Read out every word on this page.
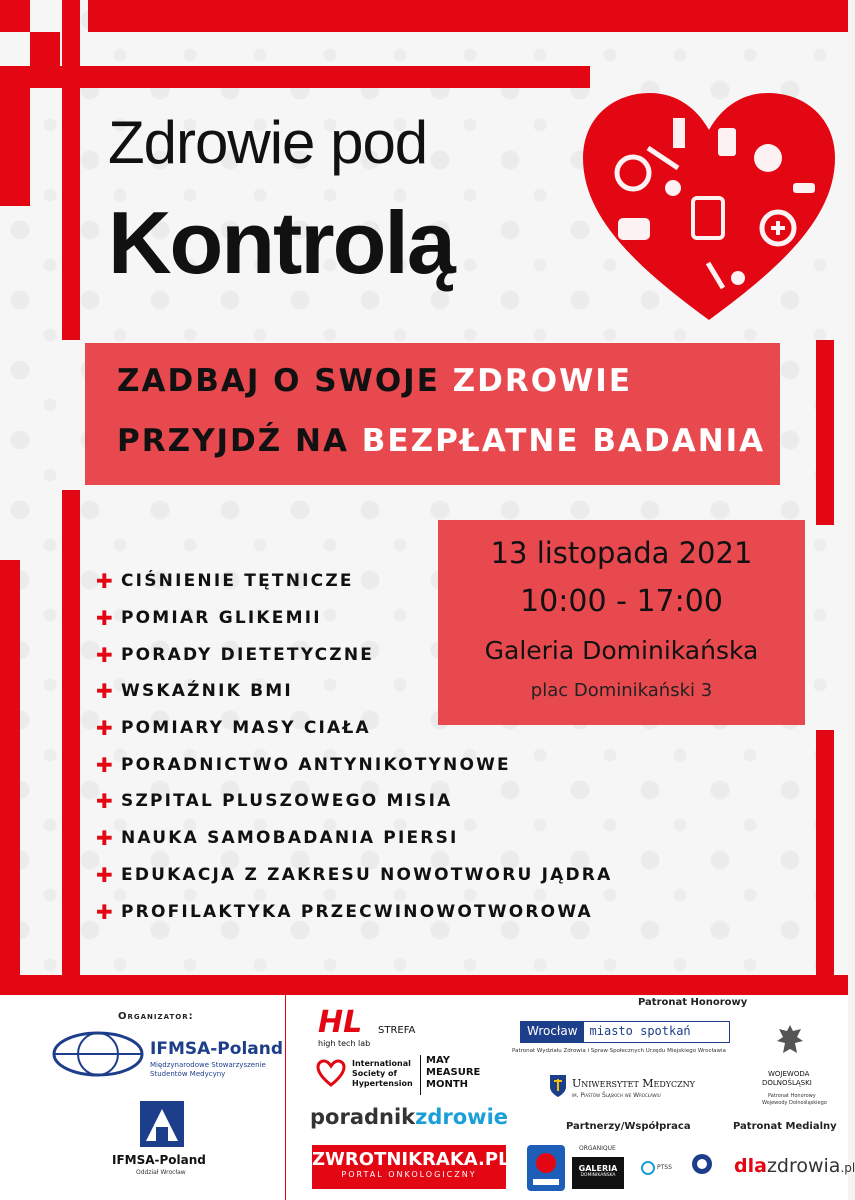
Zdrowie pod
Kontrolą
ZADBAJ O SWOJE ZDROWIE
PRZYJDŹ NA BEZPŁATNE BADANIA
13 listopada 2021
10:00 - 17:00
Galeria Dominikańska
plac Dominikański 3
✚ CIŚNIENIE TĘTNICZE
✚ POMIAR GLIKEMII
✚ PORADY DIETETYCZNE
✚ WSKAŹNIK BMI
✚ POMIARY MASY CIAŁA
✚ PORADNICTWO ANTYNIKOTYNOWE
✚ SZPITAL PLUSZOWEGO MISIA
✚ NAUKA SAMOBADANIA PIERSI
✚ EDUKACJA Z ZAKRESU NOWOTWORU JĄDRA
✚ PROFILAKTYKA PRZECWINOWOTWOROWA
Organizator:
IFMSA-Poland
Międzynarodowe Stowarzyszenie
Studentów Medycyny
IFMSA-Poland
Oddział Wrocław
HL STREFA
high tech lab
International
Society of
Hypertension
MAY
MEASURE
MONTH
poradnikzdrowie
ZWROTNIKRAKA.PL
PORTAL ONKOLOGICZNY
Patronat Honorowy
Wrocław	miasto spotkań
Patronat Wydziału Zdrowia i Spraw Społecznych Urzędu Miejskiego Wrocławia
WOJEWODA
DOLNOŚLĄSKI
Patronat Honorowy
Wojewody Dolnośląskiego
Uniwersytet Medyczny
im. Piastów Śląskich we Wrocławiu
Partnerzy/Współpraca	Patronat Medialny
ORGANIQUE
GALERIA
DOMINIKAŃSKA
PTSS	dlazdrowia.pl
